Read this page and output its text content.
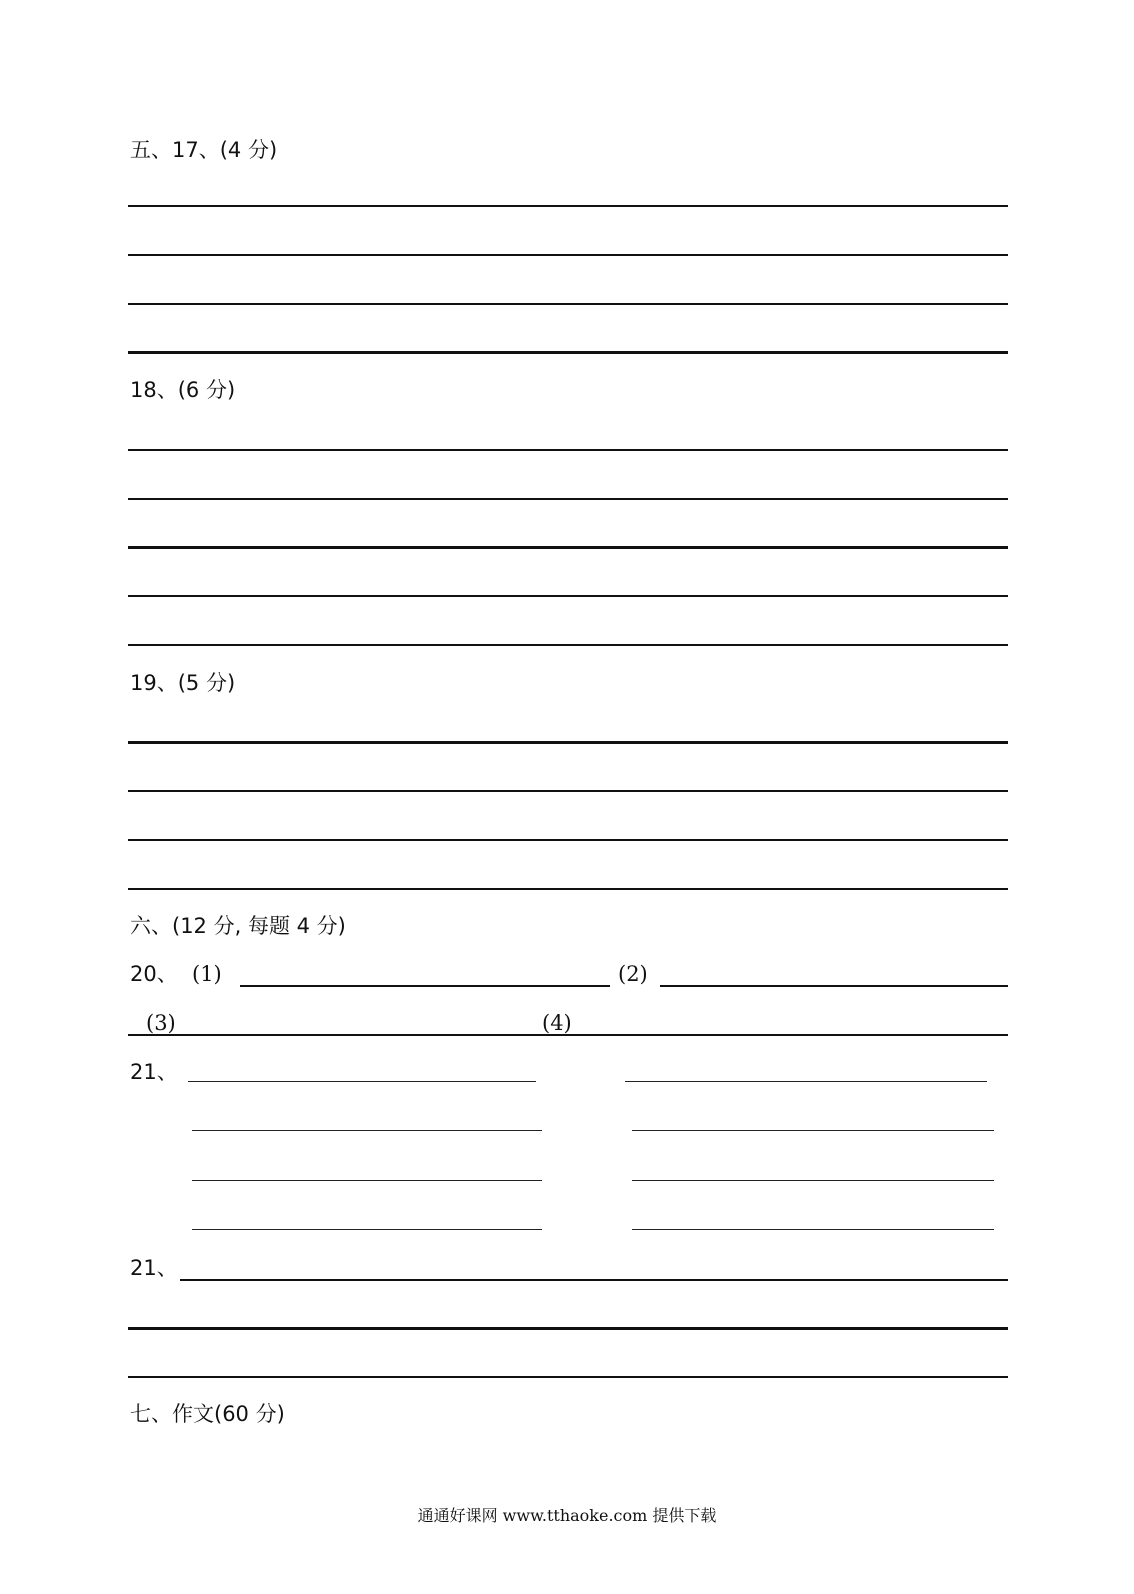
五、17、(4 分)
18、(6 分)
19、(5 分)
六、(12 分, 每题 4 分)
20、 (1)	(2)
(3)	(4)
21、
21、
七、作文(60 分)
通通好课网 www.tthaoke.com 提供下载
